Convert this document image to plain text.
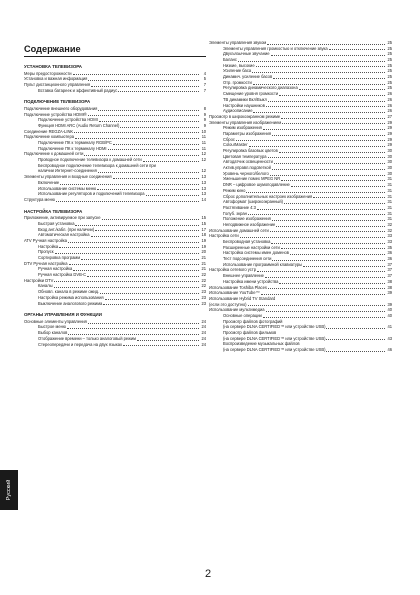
Содержание
УСТАНОВКА ТЕЛЕВИЗОРА
Меры предосторожности	4
Установка и важная информация	5
Пульт дистанционного управления	7
Вставка батареек и эффективный радиус	7
ПОДКЛЮЧЕНИЕ ТЕЛЕВИЗОРА
Подключение внешнего оборудования	8
Подключение устройства HDMI®	9
Подключение устройства HDMI	9
Функция HDMI ARC (Audio Return Channel)	9
Соединение REGZA-LINK	10
Подключение компьютера	11
Подключение ПК к терминалу RGB/PC	11
Подключение ПК к терминалу HDMI	11
Подключение к домашней сети	12
Проводное подключение телевизора к домашней сети	12
Беспроводное подключение телевизора к домашней сети при
наличии Интернет-соединения	12
Элементы управления и входные соединения	13
Включение	13
Использование системы меню	13
Использование регуляторов и подключений телевизора	13
Структура меню	14
НАСТРОЙКА ТЕЛЕВИЗОРА
Приложение, активируемое при запуске	15
Быстрая установка	15
Вход ант./кабл. (при наличии)	17
Автоматическая настройка	18
ATV Ручная настройка	19
Настройка	19
Пропуск	20
Сортировка программ	21
DTV Ручная настройка	21
Ручная настройка	21
Ручная настройка DVB-C	22
Настройки DTV	22
Каналы	22
Обновл. канала в режиме ожид.	23
Настройка режима использования	23
Выключение аналогового режима	23
ОРГАНЫ УПРАВЛЕНИЯ И ФУНКЦИИ
Основные элементы управления	24
Быстрое меню	24
Выбор каналов	24
Отображение времени – только аналоговый режим	24
Стереопередачи и передача на двух языках	24
Элементы управления звуком	25
Элементы управления громкостью и отключение звука	25
Двухъязычные звучание	25
Баланс	25
Низкие, высокие	25
Усиление баса	25
Динамич. усиление басов	25
Отр. громкости	25
Регулировка динамического диапазона	25
Смещение уровня громкости	26
ТВ динамики Вкл/Выкл	26
Настройки наушников	26
Аудиоописание	26
Просмотр в широкоэкранном режиме	27
Элементы управления изображением	29
Режим изображения	29
Параметры изображения	29
Сброс	29
ColourMaster	29
Регулировка базовых цветов	30
Цветовая температура	30
Автодатчик освещенности	30
Актив.управл.подсветкой	30
Уровень черного/белого	30
Уменьшение помех MPEG NR	31
DNR – цифровое шумоподавление	31
Режим кино	31
Сброс дополнительных настроек изображения	31
Автоформат (широкоэкранный)	31
Растягивание 4:3	31
Голуб. экран	31
Положение изображения	31
Неподвижное изображение	32
Использование домашней сети	32
Настройка сети	33
Беспроводная установка	33
Расширенные настройки сети	35
Настройка системы имен доменов	36
Тест подсоединения сети	36
Использование программной клавиатуры	37
Настройка сетевого устр	37
Внешнее управление	37
Настройка имени устройства	38
Использование Toshiba Places	38
Использование YouTube™	39
Использование Hybrid TV Standard
(если это доступно)	39
Использование мультимедиа	40
Основные операции	40
Просмотр файлов фотографий
(на сервере DLNA CERTIFIED™ или устройстве USB)	41
Просмотр файлов фильмов
(на сервере DLNA CERTIFIED™ или устройстве USB)	43
Воспроизведение музыкальных файлов
(на сервере DLNA CERTIFIED™ или устройстве USB)	46
Русский
2
